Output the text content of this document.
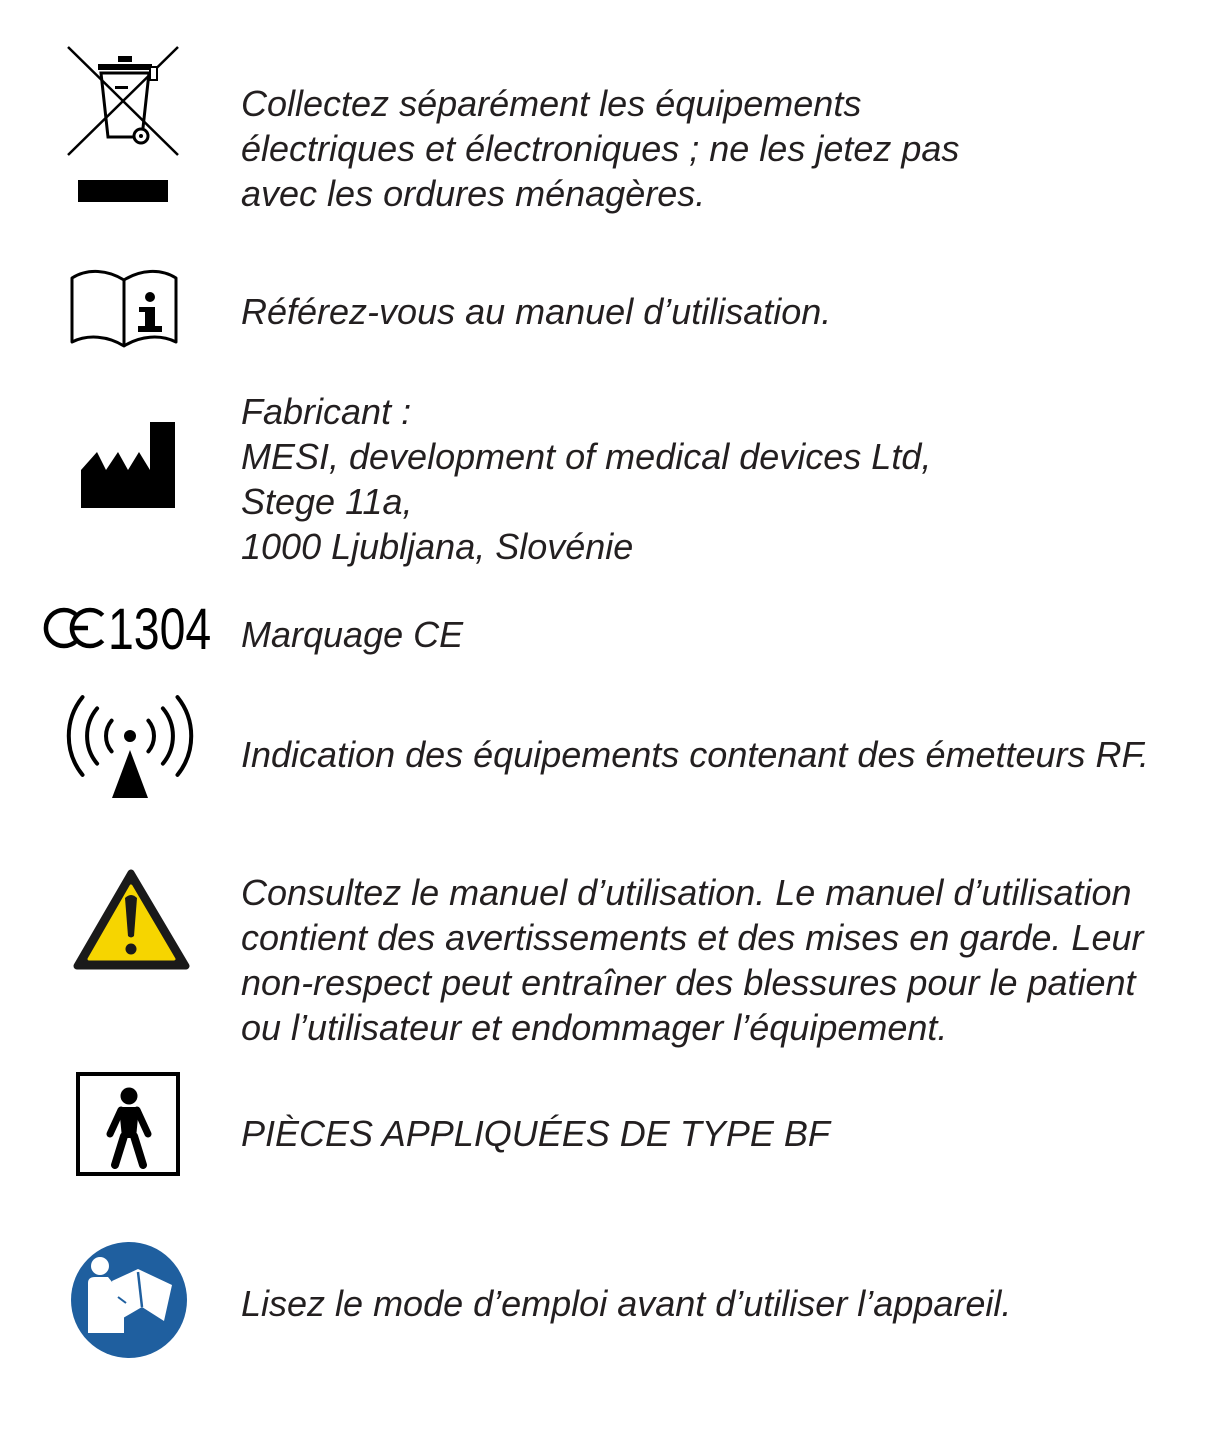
Collectez séparément les équipements
électriques et électroniques ; ne les jetez pas
avec les ordures ménagères.
Référez-vous au manuel d’utilisation.
Fabricant :
MESI, development of medical devices Ltd,
Stege 11a,
1000 Ljubljana, Slovénie
1304 Marquage CE
Indication des équipements contenant des émetteurs RF.
Consultez le manuel d’utilisation. Le manuel d’utilisation
contient des avertissements et des mises en garde. Leur
non-respect peut entraîner des blessures pour le patient
ou l’utilisateur et endommager l’équipement.
PIÈCES APPLIQUÉES DE TYPE BF
Lisez le mode d’emploi avant d’utiliser l’appareil.
